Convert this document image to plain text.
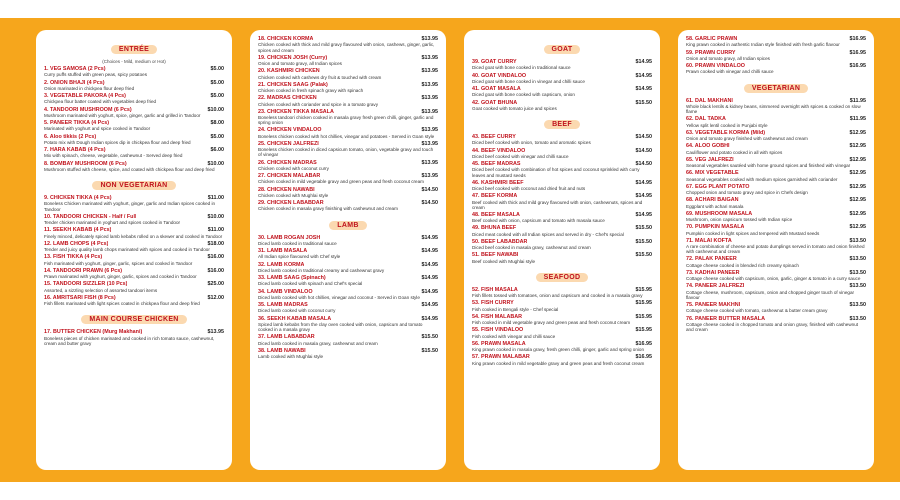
ENTRÉE
(Choices - Mild, medium or Hot)
1. VEG SAMOSA (2 Pcs)	$5.00
Curry puffs stuffed with green peas, spicy potatoes
2. ONION BHAJI (4 Pcs)	$5.00
Onion marinated in chickpea flour deep fried
3. VEGETABLE PAKORA (4 Pcs)	$5.00
Chickpea flour batter coated with vegetables deep fried
4. TANDOORI MUSHROOM (6 Pcs)	$10.00
Mushroom marinated with yoghurt, spice, ginger, garlic and grilled in Tandoor
5. PANEER TIKKA (4 Pcs)	$8.00
Marinated with yoghurt and spice cooked in Tandoor
6. Aloo tikkis (2 Pcs)	$5.00
Potato mix with Dough Indian spices dip in chickpea flour and deep fried
7. HARA KABAB (4 Pcs)	$6.00
Mix with spinach, cheese, vegetable, cashewnut - Served deep fried
8. BOMBAY MUSHROOM (6 Pcs)	$10.00
Mushroom stuffed with cheese, spice, and coated with chickpea flour and deep fried
NON VEGETARIAN
9. CHICKEN TIKKA (4 Pcs)	$11.00
Boneless Chicken marinated with yoghurt, ginger, garlic and Indian spices cooked in Tandoor
10. TANDOORI CHICKEN - Half / Full	$10.00
Tender chicken marinated in yoghurt and spices cooked in Tandoor
11. SEEKH KABAB (4 Pcs)	$11.00
Finely minced, delicately spiced lamb kebabs rolled on a skewer and cooked in Tandoor
12. LAMB CHOPS (4 Pcs)	$18.00
Tender and juicy quality lamb chops marinated with spices and cooked in Tandoor
13. FISH TIKKA (4 Pcs)	$16.00
Fish marinated with yoghurt, ginger, garlic, spices and cooked in Tandoor
14. TANDOORI PRAWN (6 Pcs)	$16.00
Prawn marinated with yoghurt, ginger, garlic, spices and cooked in Tandoor
15. TANDOORI SIZZLER (10 Pcs)	$25.00
Assorted, a sizzling selection of assorted tandoori items
16. AMRITSARI FISH (8 Pcs)	$12.00
Fish fillets marinated with light spices coated in chickpea flour and deep fried
MAIN COURSE CHICKEN
17. BUTTER CHICKEN (Murg Makhani)	$13.95
Boneless pieces of chicken marinated and cooked in rich tomato sauce, cashewnut, cream and butter gravy
18. CHICKEN KORMA	$13.95
Chicken cooked with thick and mild gravy flavoured with onion, cashews, ginger, garlic, spices and cream
19. CHICKEN JOSH (Curry)	$13.95
Onion and tomato gravy, all Indian spices
20. KASHMIRI CHICKEN	$13.95
Chicken cooked with cashews dry fruit & touched with cream
21. CHICKEN SAAG (Palak)	$13.95
Chicken cooked in fresh spinach gravy with spinach
22. MADRAS CHICKEN	$13.95
Chicken cooked with coriander and spice in a tomato gravy
23. CHICKEN TIKKA MASALA	$13.95
Boneless tandoori chicken cooked in masala gravy fresh green chilli, ginger, garlic and spring onion
24. CHICKEN VINDALOO	$13.95
Boneless chicken cooked with hot chillies, vinegar and potatoes - Served in Goan style
25. CHICKEN JALFREZI	$13.95
Boneless chicken cooked in diced capsicum tomato, onion, vegetable gravy and touch of vinegar
26. CHICKEN MADRAS	$13.95
Chicken cooked with coconut curry
27. CHICKEN MALABAR	$13.95
Chicken cooked in mild vegetable gravy and green peas and fresh coconut cream
28. CHICKEN NAWABI	$14.50
Chicken cooked with Mughlai style
29. CHICKEN LABABDAR	$14.50
Chicken cooked in masala gravy finishing with cashewnut and cream
LAMB
30. LAMB ROGAN JOSH	$14.95
Diced lamb cooked in traditional sauce
31. LAMB MASALA	$14.95
All Indian spice flavoured with Chef style
32. LAMB KORMA	$14.95
Diced lamb cooked in traditional creamy and cashewnut gravy
33. LAMB SAAG (Spinach)	$14.95
Diced lamb cooked with spinach and Chef's special
34. LAMB VINDALOO	$14.95
Diced lamb cooked with hot chillies, vinegar and coconut - Served in Goan style
35. LAMB MADRAS	$14.95
Diced lamb cooked with coconut curry
36. SEEKH KABAB MASALA	$14.95
Spiced lamb kebabs from the clay oven cooked with onion, capsicum and tomato cooked in a masala gravy
37. LAMB LABABDAR	$15.50
Diced lamb cooked in masala gravy, cashewnut and cream
38. LAMB NAWABI	$15.50
Lamb cooked with Mughlai style
GOAT
39. GOAT CURRY	$14.95
Diced goat with bone cooked in traditional sauce
40. GOAT VINDALOO	$14.95
Diced goat with bone cooked in vinegar and chilli sauce
41. GOAT MASALA	$14.95
Diced goat with bone cooked with capsicum, onion
42. GOAT BHUNA	$15.50
Goat cooked with tomato juice and spices
BEEF
43. BEEF CURRY	$14.50
Diced beef cooked with onion, tomato and aromatic spices
44. BEEF VINDALOO	$14.50
Diced beef cooked with vinegar and chilli sauce
45. BEEF MADRAS	$14.50
Diced beef cooked with combination of hot spices and coconut sprinkled with curry leaves and mustard seeds
46. KASHMIRI BEEF	$14.95
Diced beef cooked with coconut and dried fruit and nuts
47. BEEF KORMA	$14.95
Beef cooked with thick and mild gravy flavoured with onion, cashewnuts, spices and cream
48. BEEF MASALA	$14.95
Beef cooked with onion, capsicum and tomato with masala sauce
49. BHUNA BEEF	$15.50
Diced meat cooked with all Indian spices and served in dry - Chef's special
50. BEEF LABABDAR	$15.50
Diced beef cooked in masala gravy, cashewnut and cream
51. BEEF NAWABI	$15.50
Beef cooked with Mughlai style
SEAFOOD
52. FISH MASALA	$15.95
Fish fillets tossed with tomatoes, onion and capsicum and cooked in a masala gravy
53. FISH CURRY	$15.95
Fish cooked in Bengali style - Chef special
54. FISH MALABAR	$15.95
Fish cooked in mild vegetable gravy and green peas and fresh coconut cream
55. FISH VINDALOO	$15.95
Fish cooked with vinegar and chilli sauce
56. PRAWN MASALA	$16.95
King prawn cooked in masala gravy, fresh green chilli, ginger, garlic and spring onion
57. PRAWN MALABAR	$16.95
King prawn cooked in mild vegetable gravy and green peas and fresh coconut cream
58. GARLIC PRAWN	$16.95
King prawn cooked in authentic Indian style finished with fresh garlic flavour
59. PRAWN CURRY	$16.95
Onion and tomato gravy, all Indian spices
60. PRAWN VINDALOO	$16.95
Prawn cooked with vinegar and chilli sauce
VEGETARIAN
61. DAL MAKHANI	$11.95
Whole black lentils & kidney beans, simmered overnight with spices & cooked on slow flame
62. DAL TADKA	$11.95
Yellow split lentil cooked in Punjabi style
63. VEGETABLE KORMA (Mild)	$12.95
Onion and tomato gravy finished with cashewnut and cream
64. ALOO GOBHI	$12.95
Cauliflower and potato cooked in all with spices
65. VEG JALFREZI	$12.95
Seasonal vegetables sautéed with home ground spices and finished with vinegar
66. MIX VEGETABLE	$12.95
Seasonal vegetables cooked with medium spices garnished with coriander
67. EGG PLANT POTATO	$12.95
Chopped onion and tomato gravy and spice in Chefs design
68. ACHARI BAIGAN	$12.95
Eggplant with achari masala
69. MUSHROOM MASALA	$12.95
Mushroom, onion capsicum tossed with Indian spice
70. PUMPKIN MASALA	$12.95
Pumpkin cooked in light spices and tempered with Mustard seeds
71. MALAI KOFTA	$13.50
A rare combination of cheese and potato dumplings served in tomato and onion finished with cashewnut and cream
72. PALAK PANEER	$13.50
Cottage cheese cooked in blended rich creamy spinach
73. KADHAI PANEER	$13.50
Cottage cheese cooked with capsicum, onion, garlic, ginger & tomato in a curry sauce
74. PANEER JALFREZI	$13.50
Cottage cheese, mushroom, capsicum, onion and chopped ginger touch of vinegar flavour
75. PANEER MAKHNI	$13.50
Cottage cheese cooked with tomato, cashewnut & butter cream gravy
76. PANEER BUTTER MASALA	$13.50
Cottage cheese cooked in chopped tomato and onion gravy, finished with cashewnut and cream
